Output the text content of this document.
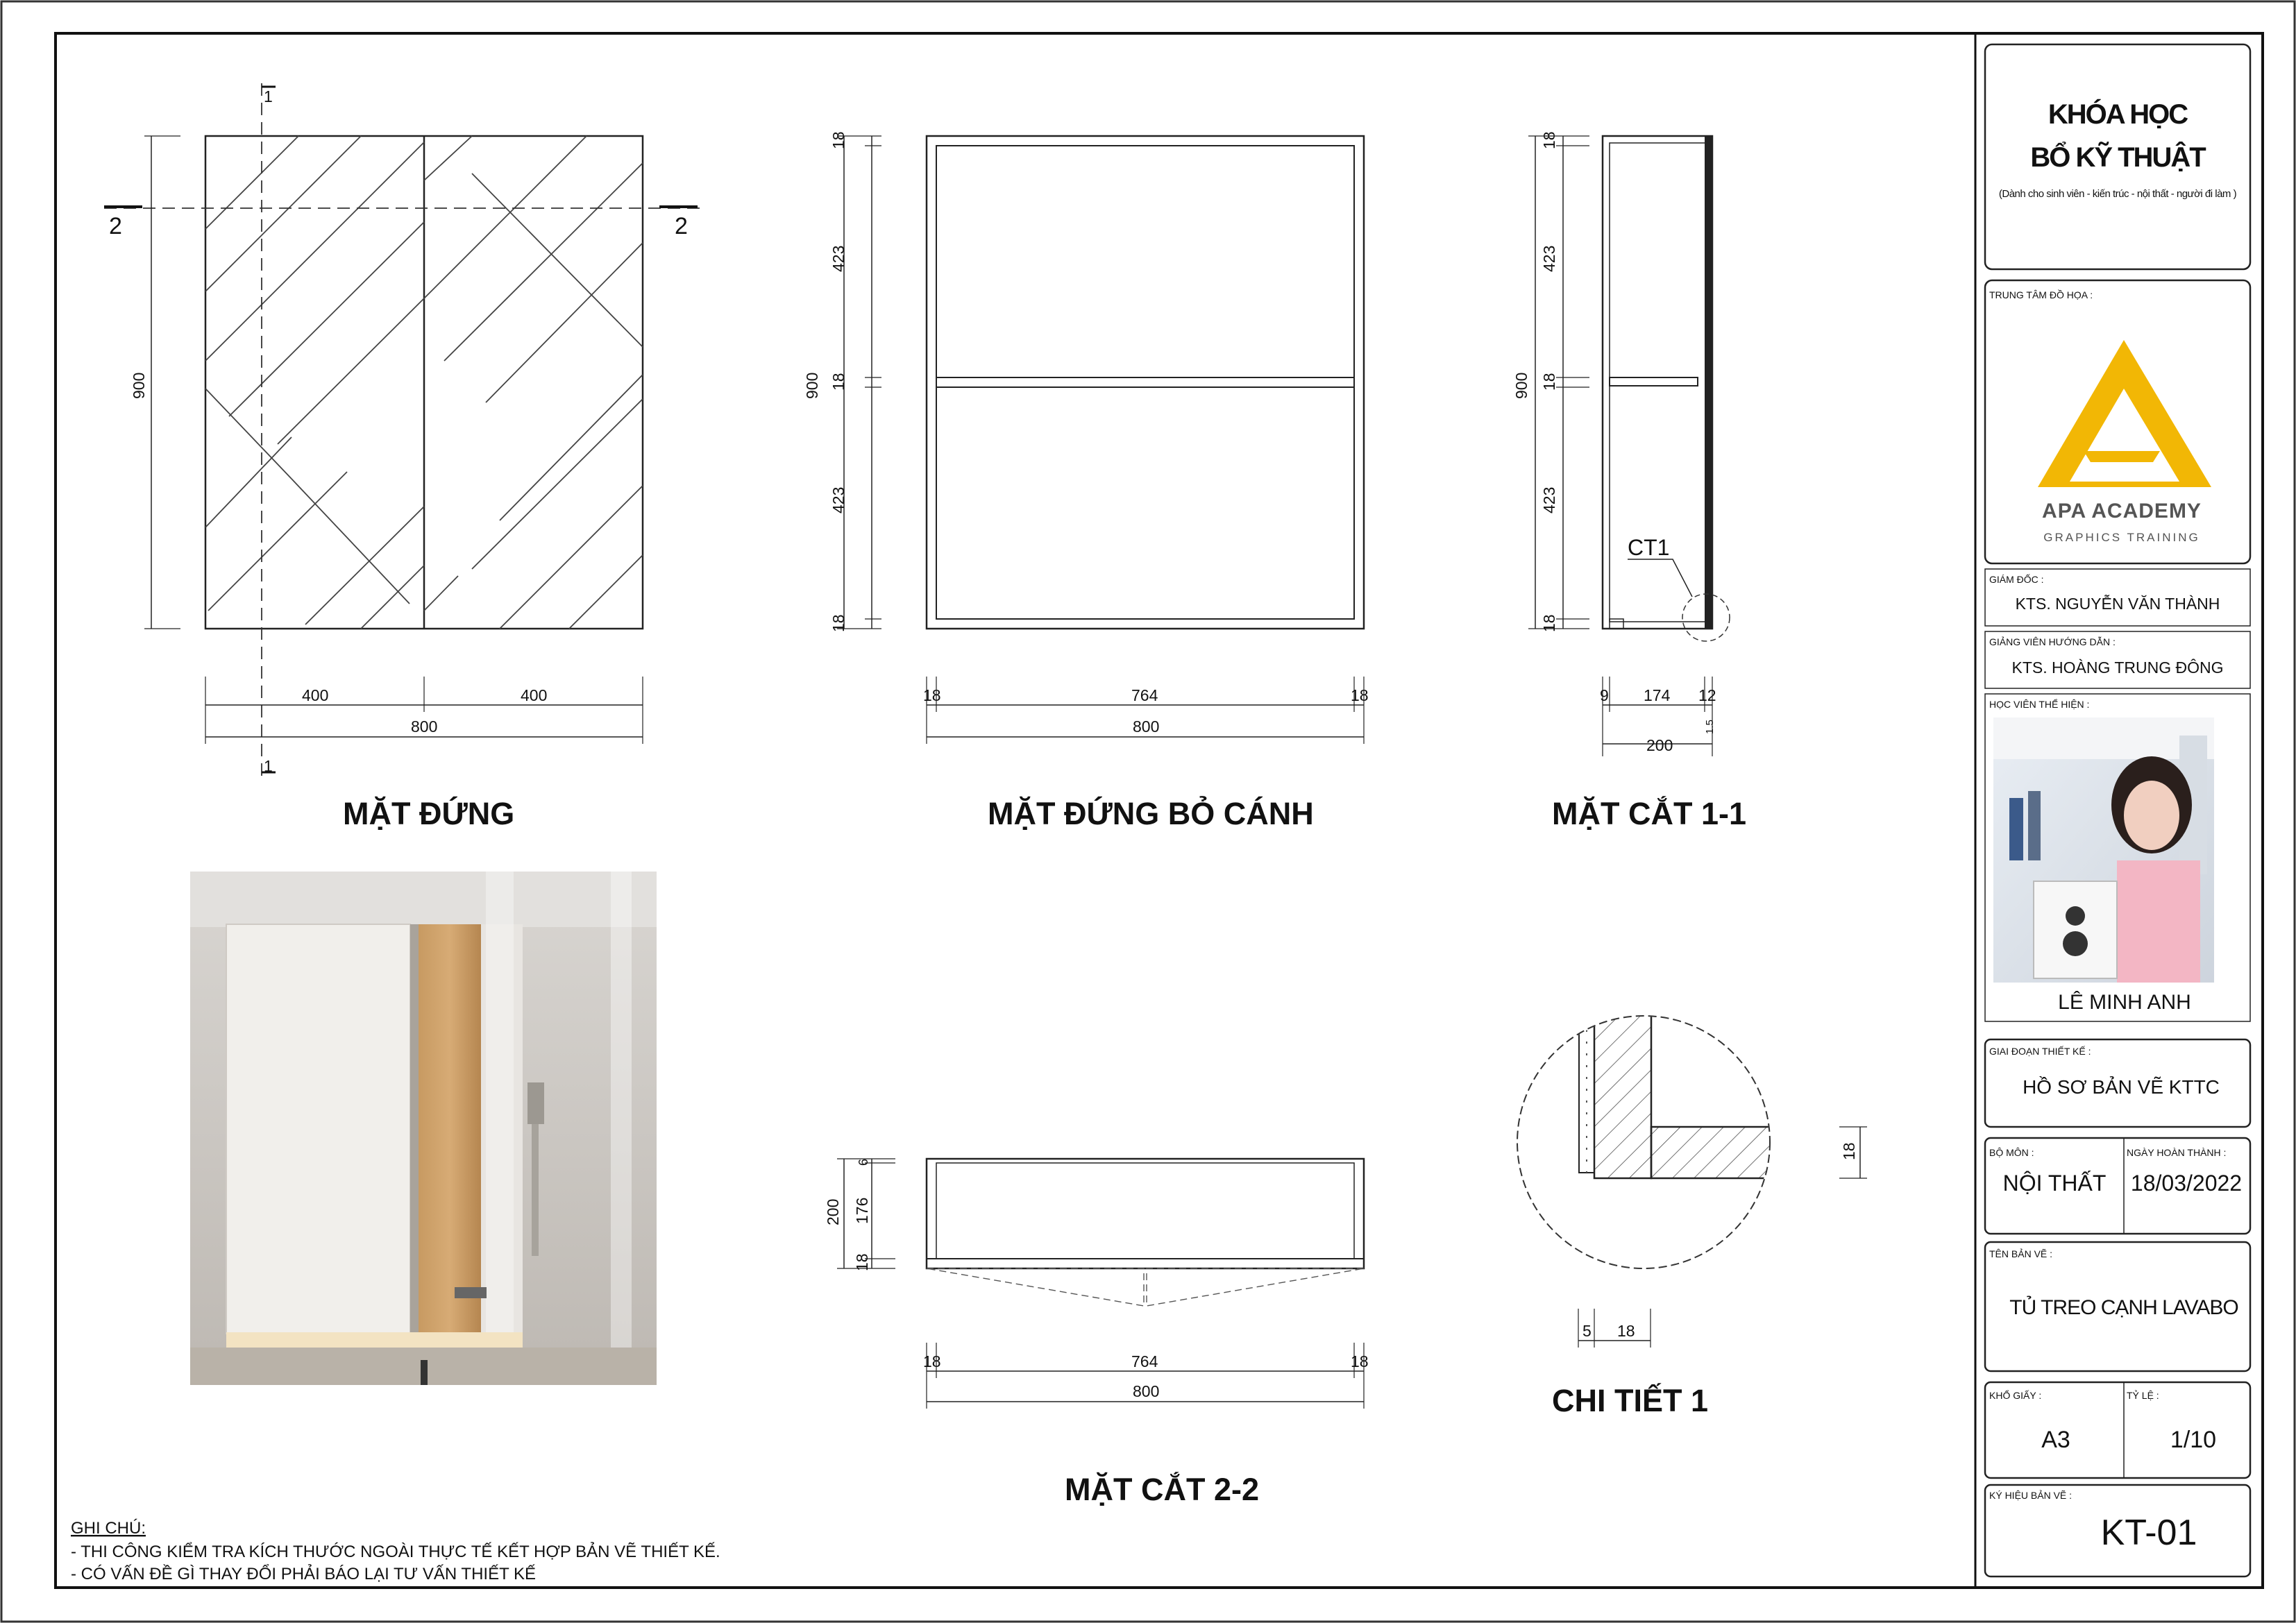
1
1
2	2
900
400	400
800
MẶT ĐỨNG
900
18
423
18
423
18
18	764	18
800
MẶT ĐỨNG BỎ CÁNH
CT1
900
18
423
18
423
18
9 174 12
1.5
200
MẶT CẮT 1-1
200
6
176
18
18	764	18
800
MẶT CẮT 2-2
18
5 18
CHI TIẾT 1
GHI CHÚ:
- THI CÔNG KIỂM TRA KÍCH THƯỚC NGOÀI THỰC TẾ KẾT HỢP BẢN VẼ THIẾT KẾ.
- CÓ VẤN ĐỀ GÌ THAY ĐỔI PHẢI BÁO LẠI TƯ VẤN THIẾT KẾ
KHÓA HỌC
BỔ KỸ THUẬT
(Dành cho sinh viên - kiến trúc - nội thất - người đi làm )
TRUNG TÂM ĐỒ HỌA :
APA ACADEMY
GRAPHICS TRAINING
GIÁM ĐỐC :
KTS. NGUYỄN VĂN THÀNH
GIẢNG VIÊN HƯỚNG DẪN :
KTS. HOÀNG TRUNG ĐÔNG
HỌC VIÊN THỂ HIỆN :
LÊ MINH ANH
GIAI ĐOẠN THIẾT KẾ :
HỒ SƠ BẢN VẼ KTTC
BỘ MÔN :
NỘI THẤT
NGÀY HOÀN THÀNH :
18/03/2022
TÊN BẢN VẼ :
TỦ TREO CẠNH LAVABO
KHỔ GIẤY :
A3
TỶ LỆ :
1/10
KÝ HIỆU BẢN VẼ :
KT-01
